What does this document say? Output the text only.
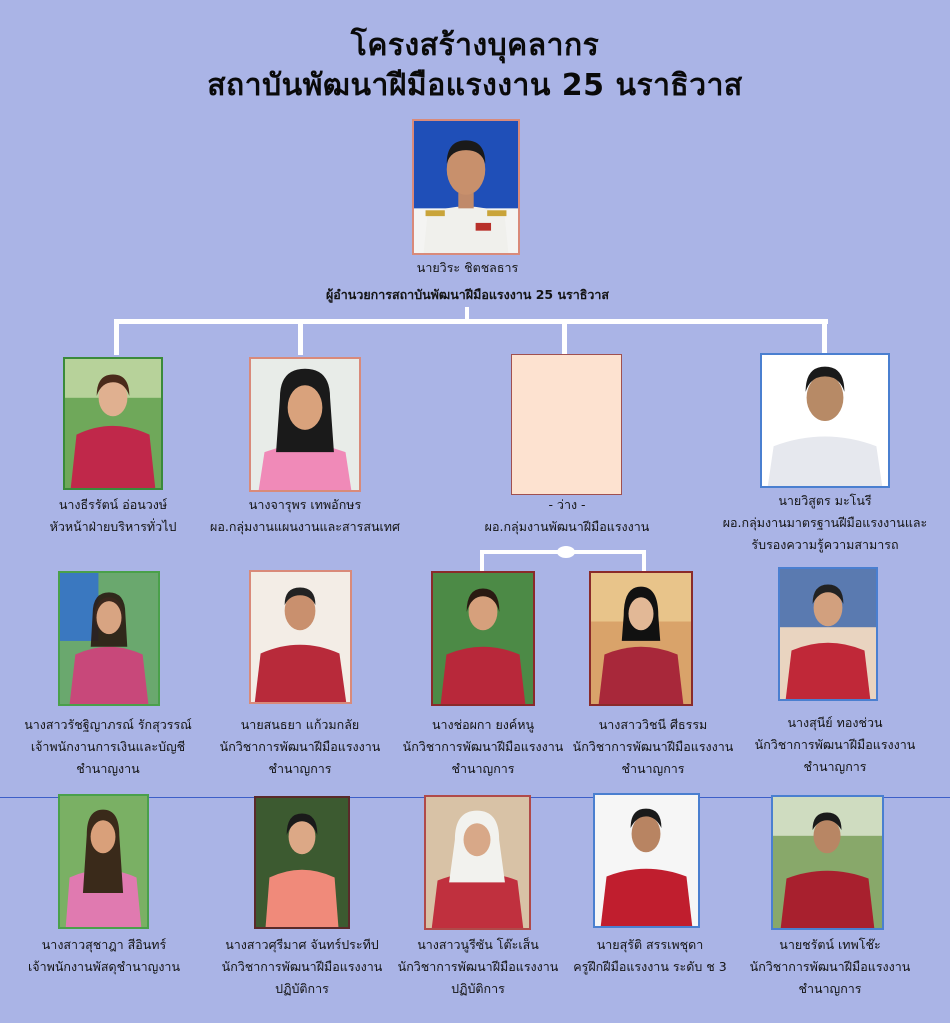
โครงสร้างบุคลากร
สถาบันพัฒนาฝีมือแรงงาน 25 นราธิวาส
นายวิระ ชิตชลธาร
ผู้อำนวยการสถาบันพัฒนาฝีมือแรงงาน 25 นราธิวาส
นางธีรรัตน์ อ่อนวงษ์
หัวหน้าฝ่ายบริหารทั่วไป
นางจารุพร เทพอักษร
ผอ.กลุ่มงานแผนงานและสารสนเทศ
- ว่าง -
ผอ.กลุ่มงานพัฒนาฝีมือแรงงาน
นายวิสูตร มะโนรี
ผอ.กลุ่มงานมาตรฐานฝีมือแรงงานและ
รับรองความรู้ความสามารถ
นางสาวรัชฐิญาภรณ์ รักสุวรรณ์
เจ้าพนักงานการเงินและบัญชี
ชำนาญงาน
นายสนธยา แก้วมกลัย
นักวิชาการพัฒนาฝีมือแรงงาน
ชำนาญการ
นางช่อผกา ยงค์หนู
นักวิชาการพัฒนาฝีมือแรงงาน
ชำนาญการ
นางสาววิชนี ศีธรรม
นักวิชาการพัฒนาฝีมือแรงงาน
ชำนาญการ
นางสุนีย์ ทองช่วน
นักวิชาการพัฒนาฝีมือแรงงาน
ชำนาญการ
นางสาวสุชาฎา สีอินทร์
เจ้าพนักงานพัสดุชำนาญงาน
นางสาวศุรีมาศ จันทร์ประทีป
นักวิชาการพัฒนาฝีมือแรงงาน
ปฏิบัติการ
นางสาวนูรีซัน โต๊ะเส็น
นักวิชาการพัฒนาฝีมือแรงงาน
ปฏิบัติการ
นายสุรัติ สรรเพชุดา
ครูฝึกฝีมือแรงงาน ระดับ ช 3
นายชรัตน์ เทพโช๊ะ
นักวิชาการพัฒนาฝีมือแรงงาน
ชำนาญการ
